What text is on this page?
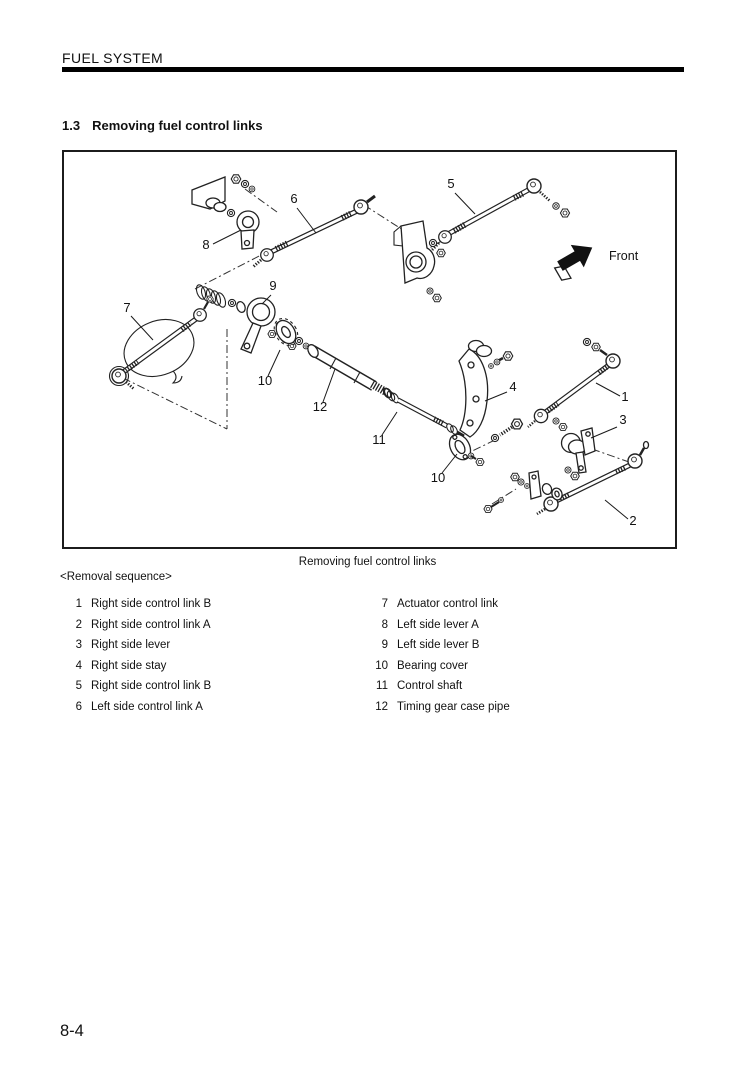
FUEL SYSTEM
1.3 Removing fuel control links
Front
8
6
5
7
9
10
12
11
10
4
1
3
2
Removing fuel control links
<Removal sequence>
1 Right side control link B
2 Right side control link A
3 Right side lever
4 Right side stay
5 Right side control link B
6 Left side control link A
7 Actuator control link
8 Left side lever A
9 Left side lever B
10 Bearing cover
11 Control shaft
12 Timing gear case pipe
8-4
